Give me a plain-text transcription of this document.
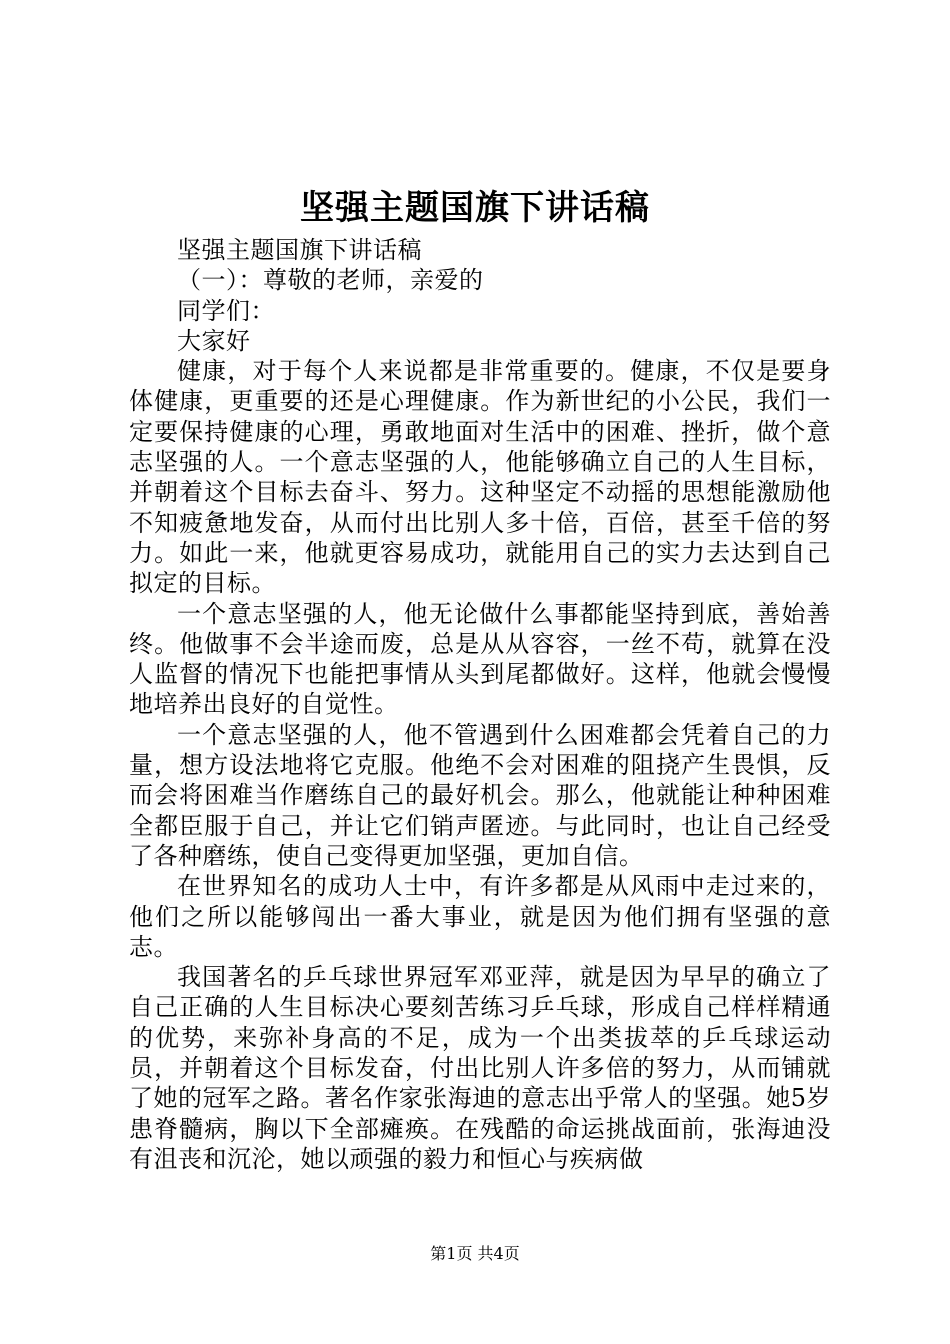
坚强主题国旗下讲话稿

坚强主题国旗下讲话稿

（一）：尊敬的老师，亲爱的

同学们：

大家好

健康，对于每个人来说都是非常重要的。健康，不仅是要身体健康，更重要的还是心理健康。作为新世纪的小公民，我们一定要保持健康的心理，勇敢地面对生活中的困难、挫折，做个意志坚强的人。一个意志坚强的人，他能够确立自己的人生目标，并朝着这个目标去奋斗、努力。这种坚定不动摇的思想能激励他不知疲惫地发奋，从而付出比别人多十倍，百倍，甚至千倍的努力。如此一来，他就更容易成功，就能用自己的实力去达到自己拟定的目标。

一个意志坚强的人，他无论做什么事都能坚持到底，善始善终。他做事不会半途而废，总是从从容容，一丝不苟，就算在没人监督的情况下也能把事情从头到尾都做好。这样，他就会慢慢地培养出良好的自觉性。

一个意志坚强的人，他不管遇到什么困难都会凭着自己的力量，想方设法地将它克服。他绝不会对困难的阻挠产生畏惧，反而会将困难当作磨练自己的最好机会。那么，他就能让种种困难全都臣服于自己，并让它们销声匿迹。与此同时，也让自己经受了各种磨练，使自己变得更加坚强，更加自信。

在世界知名的成功人士中，有许多都是从风雨中走过来的，他们之所以能够闯出一番大事业，就是因为他们拥有坚强的意志。

我国著名的乒乓球世界冠军邓亚萍，就是因为早早的确立了自己正确的人生目标决心要刻苦练习乒乓球，形成自己样样精通的优势，来弥补身高的不足，成为一个出类拔萃的乒乓球运动员，并朝着这个目标发奋，付出比别人许多倍的努力，从而铺就了她的冠军之路。著名作家张海迪的意志出乎常人的坚强。她5岁患脊髓病，胸以下全部瘫痪。在残酷的命运挑战面前，张海迪没有沮丧和沉沦，她以顽强的毅力和恒心与疾病做

第1页 共4页
